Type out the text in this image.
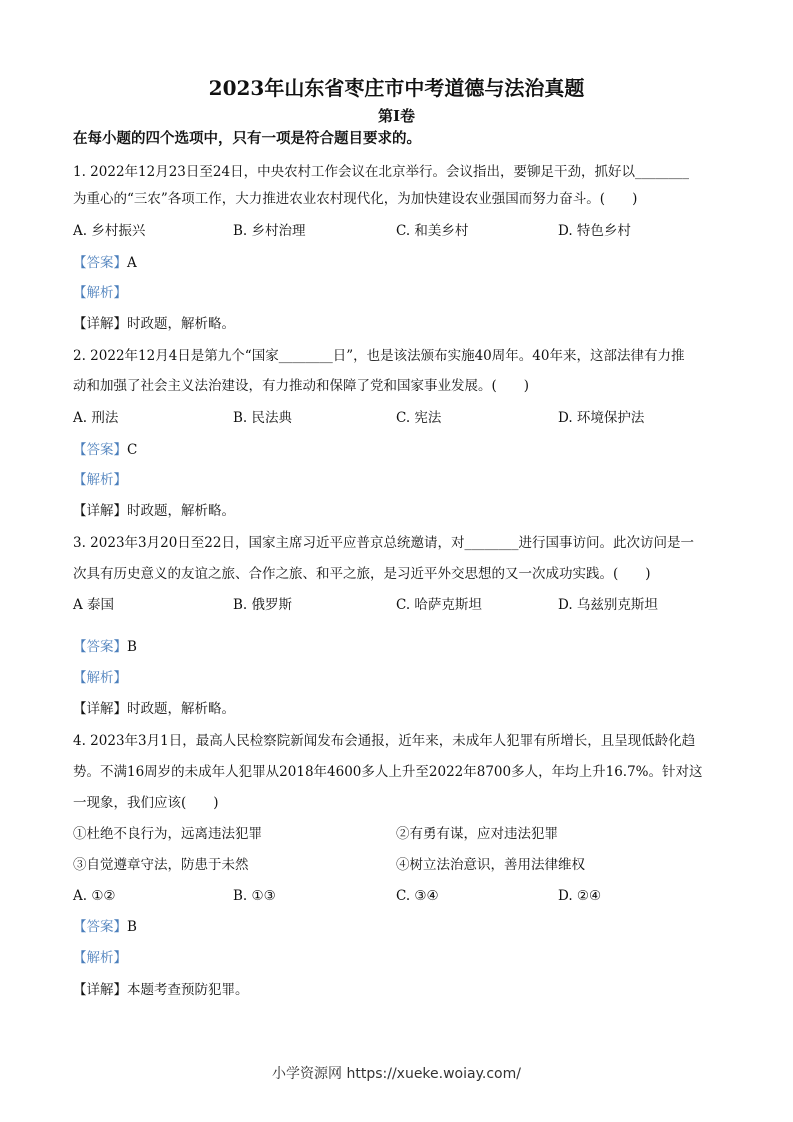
2023年山东省枣庄市中考道德与法治真题
第Ⅰ卷
在每小题的四个选项中，只有一项是符合题目要求的。
1. 2022年12月23日至24日，中央农村工作会议在北京举行。会议指出，要铆足干劲，抓好以________
为重心的“三农”各项工作，大力推进农业农村现代化，为加快建设农业强国而努力奋斗。(　　)
A. 乡村振兴	B. 乡村治理	C. 和美乡村	D. 特色乡村
【答案】A
【解析】
【详解】时政题，解析略。
2. 2022年12月4日是第九个“国家________日”，也是该法颁布实施40周年。40年来，这部法律有力推
动和加强了社会主义法治建设，有力推动和保障了党和国家事业发展。(　　)
A. 刑法	B. 民法典	C. 宪法	D. 环境保护法
【答案】C
【解析】
【详解】时政题，解析略。
3. 2023年3月20日至22日，国家主席习近平应普京总统邀请，对________进行国事访问。此次访问是一
次具有历史意义的友谊之旅、合作之旅、和平之旅，是习近平外交思想的又一次成功实践。(　　)
A 泰国	B. 俄罗斯	C. 哈萨克斯坦	D. 乌兹别克斯坦
【答案】B
【解析】
【详解】时政题，解析略。
4. 2023年3月1日，最高人民检察院新闻发布会通报，近年来，未成年人犯罪有所增长，且呈现低龄化趋
势。不满16周岁的未成年人犯罪从2018年4600多人上升至2022年8700多人，年均上升16.7%。针对这
一现象，我们应该(　　)
①杜绝不良行为，远离违法犯罪	②有勇有谋，应对违法犯罪
③自觉遵章守法，防患于未然	④树立法治意识，善用法律维权
A. ①②	B. ①③	C. ③④	D. ②④
【答案】B
【解析】
【详解】本题考查预防犯罪。
小学资源网 https://xueke.woiay.com/
